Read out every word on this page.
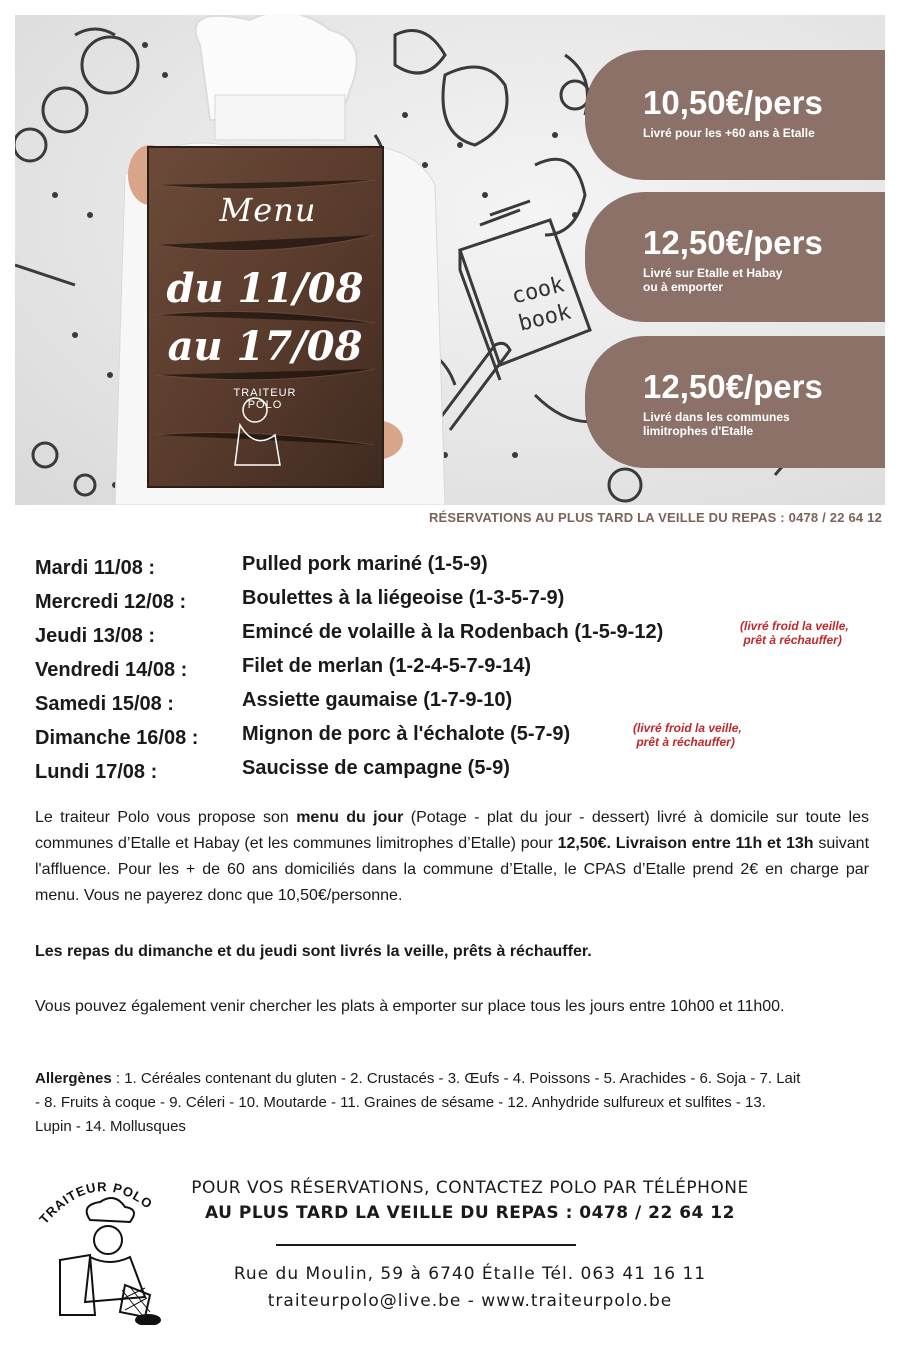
Menu
du 11/08
au 17/08
TRAITEUR POLO
cook
book
10,50€/pers
Livré pour les +60 ans à Etalle
12,50€/pers
Livré sur Etalle et Habay
ou à emporter
12,50€/pers
Livré dans les communes
limitrophes d'Etalle
RÉSERVATIONS AU PLUS TARD LA VEILLE DU REPAS : 0478 / 22 64 12
Mardi 11/08 :	Pulled pork mariné (1-5-9)
Mercredi 12/08 :	Boulettes à la liégeoise (1-3-5-7-9)
Jeudi 13/08 :	Emincé de volaille à la Rodenbach (1-5-9-12)
Vendredi 14/08 :	Filet de merlan (1-2-4-5-7-9-14)
Samedi 15/08 :	Assiette gaumaise (1-7-9-10)
Dimanche 16/08 : Mignon de porc à l'échalote (5-7-9)
Lundi 17/08 :	Saucisse de campagne (5-9)
(livré froid la veille,
prêt à réchauffer)
(livré froid la veille,
prêt à réchauffer)
Le traiteur Polo vous propose son menu du jour (Potage - plat du jour - dessert) livré à domicile sur toute les communes d’Etalle et Habay (et les communes limitrophes d’Etalle) pour 12,50€. Livraison entre 11h et 13h suivant l'affluence. Pour les + de 60 ans domiciliés dans la commune d’Etalle, le CPAS d’Etalle prend 2€ en charge par menu. Vous ne payerez donc que 10,50€/personne.
Les repas du dimanche et du jeudi sont livrés la veille, prêts à réchauffer.
Vous pouvez également venir chercher les plats à emporter sur place tous les jours entre 10h00 et 11h00.
Allergènes : 1. Céréales contenant du gluten - 2. Crustacés - 3. Œufs - 4. Poissons - 5. Arachides - 6. Soja - 7. Lait - 8. Fruits à coque - 9. Céleri - 10. Moutarde - 11. Graines de sésame - 12. Anhydride sulfureux et sulfites - 13. Lupin - 14. Mollusques
TRAITEUR POLO
POUR VOS RÉSERVATIONS, CONTACTEZ POLO PAR TÉLÉPHONE
AU PLUS TARD LA VEILLE DU REPAS : 0478 / 22 64 12
Rue du Moulin, 59 à 6740 Étalle Tél. 063 41 16 11
traiteurpolo@live.be - www.traiteurpolo.be
